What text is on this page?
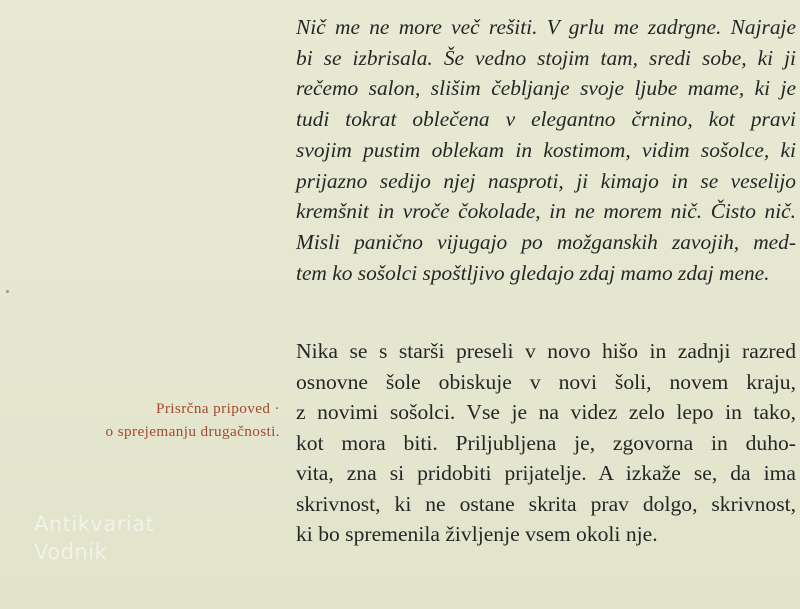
Nič me ne more več rešiti. V grlu me zadrgne. Najraje
bi se izbrisala. Še vedno stojim tam, sredi sobe, ki ji
rečemo salon, slišim čebljanje svoje ljube mame, ki je
tudi tokrat oblečena v elegantno črnino, kot pravi
svojim pustim oblekam in kostimom, vidim sošolce, ki
prijazno sedijo njej nasproti, ji kimajo in se veselijo
kremšnit in vroče čokolade, in ne morem nič. Čisto nič.
Misli panično vijugajo po možganskih zavojih, med-
tem ko sošolci spoštljivo gledajo zdaj mamo zdaj mene.
Prisrčna pripoved ·
o sprejemanju drugačnosti.
Nika se s starši preseli v novo hišo in zadnji razred
osnovne šole obiskuje v novi šoli, novem kraju,
z novimi sošolci. Vse je na videz zelo lepo in tako,
kot mora biti. Priljubljena je, zgovorna in duho-
vita, zna si pridobiti prijatelje. A izkaže se, da ima
skrivnost, ki ne ostane skrita prav dolgo, skrivnost,
ki bo spremenila življenje vsem okoli nje.
Antikvariat
Vodnik
